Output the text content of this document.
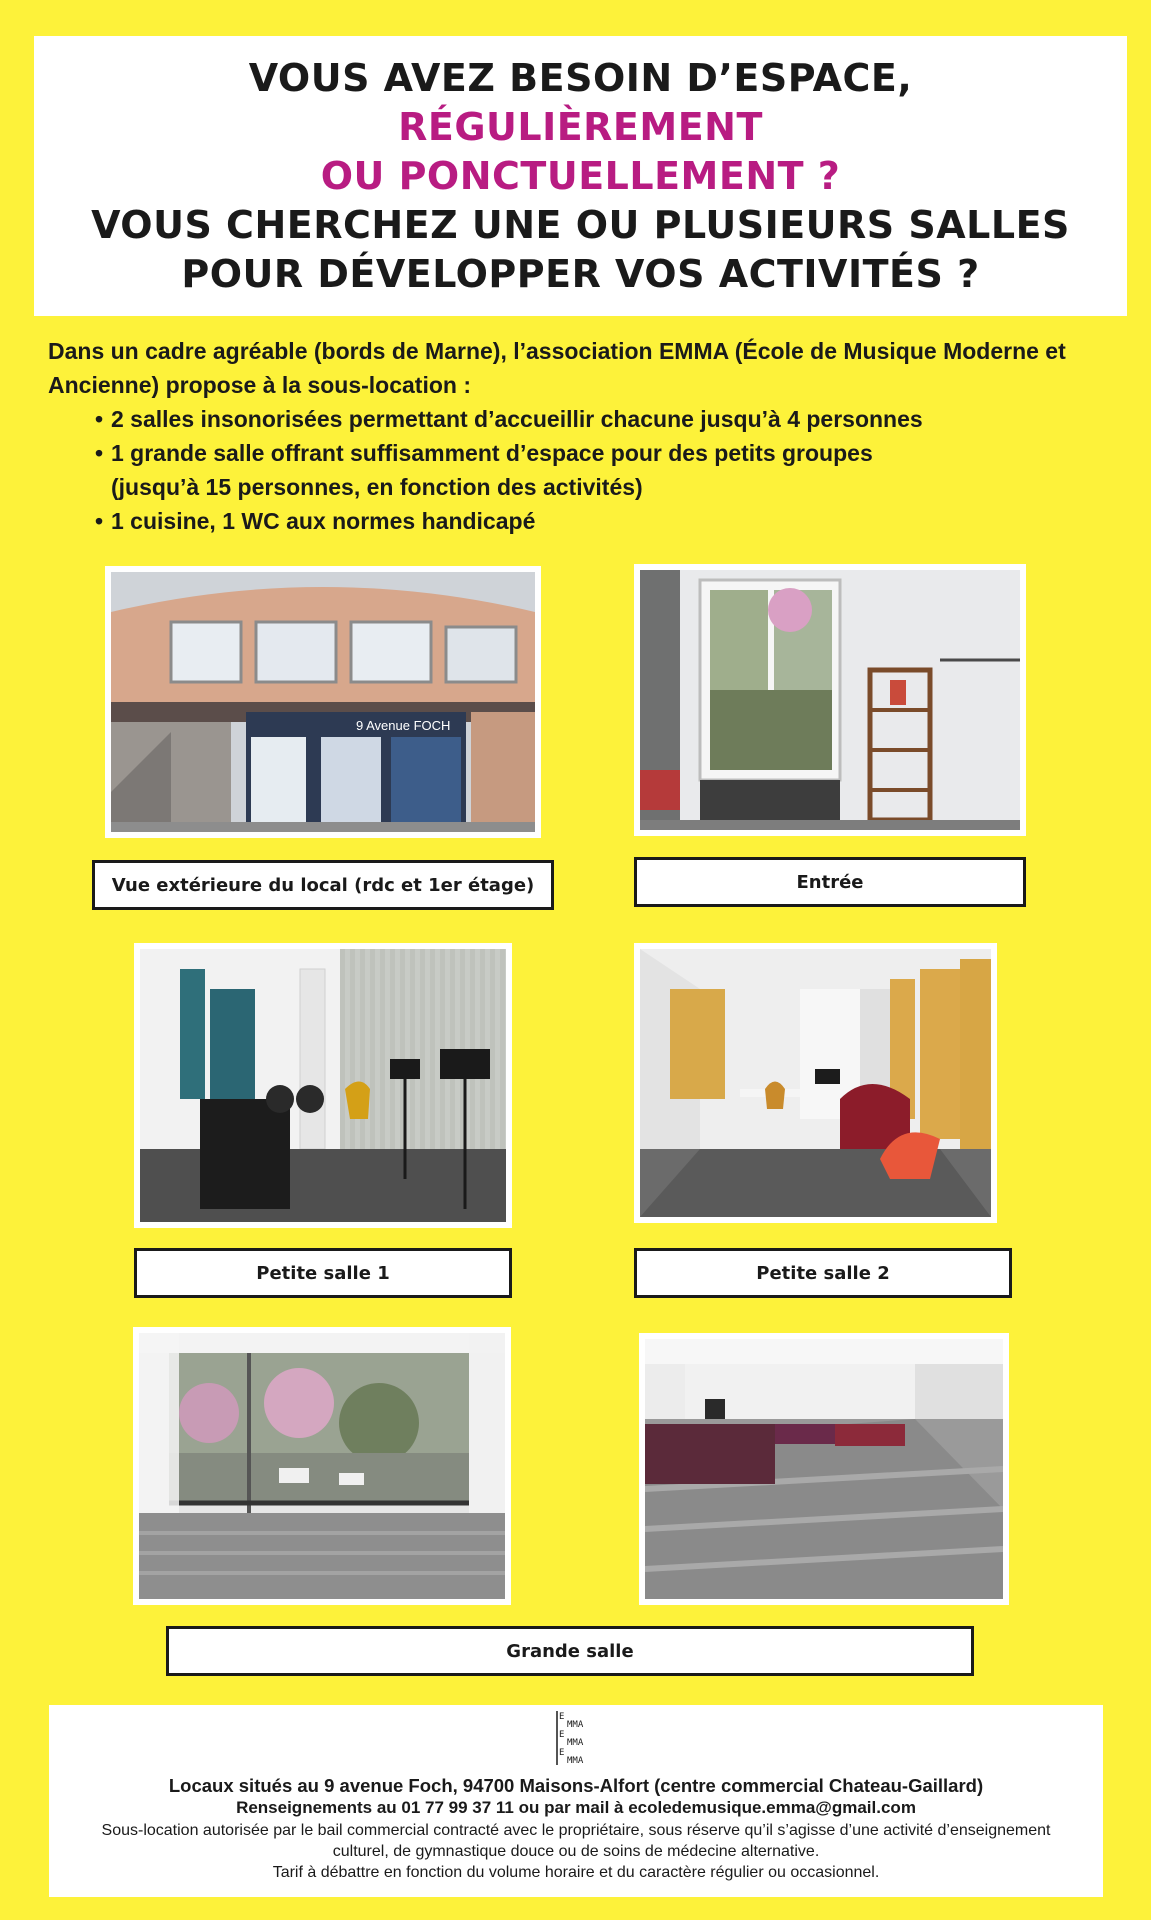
VOUS AVEZ BESOIN D’ESPACE,
RÉGULIÈREMENT
OU PONCTUELLEMENT ?
VOUS CHERCHEZ UNE OU PLUSIEURS SALLES
POUR DÉVELOPPER VOS ACTIVITÉS ?
Dans un cadre agréable (bords de Marne), l’association EMMA (École de Musique Moderne et Ancienne) propose à la sous-location :
• 2 salles insonorisées permettant d’accueillir chacune jusqu’à 4 personnes
• 1 grande salle offrant suffisamment d’espace pour des petits groupes (jusqu’à 15 personnes, en fonction des activités)
• 1 cuisine, 1 WC aux normes handicapé
9 Avenue FOCH
Vue extérieure du local (rdc et 1er étage)	Entrée
Petite salle 1	Petite salle 2
Grande salle
E
MMA
E
MMA
E
MMA
Locaux situés au 9 avenue Foch, 94700 Maisons-Alfort (centre commercial Chateau-Gaillard)
Renseignements au 01 77 99 37 11 ou par mail à ecoledemusique.emma@gmail.com
Sous-location autorisée par le bail commercial contracté avec le propriétaire, sous réserve qu’il s’agisse d’une activité d’enseignement culturel, de gymnastique douce ou de soins de médecine alternative.
Tarif à débattre en fonction du volume horaire et du caractère régulier ou occasionnel.
